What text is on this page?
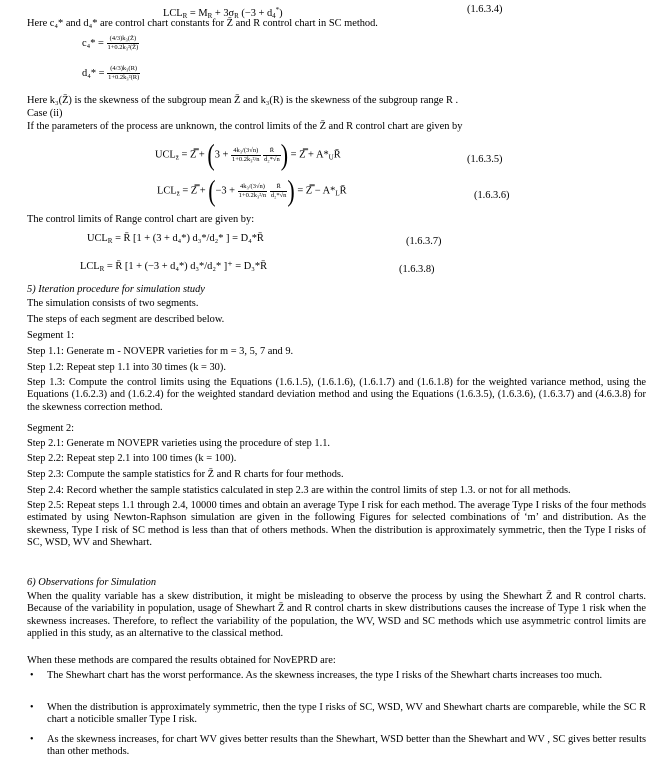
$LCL_R = M_R + 3\sigma_R$ $(-3 + d_4^*)$	(1.6.3.4)
Here c₄* and d₄* are control chart constants for Z̄ and R control chart in SC method.
$c_4* = \frac{\text{(4/3)k₃(Z̄)}}{\text{1+0.2k₃²(Z̄)}}$
$d_4* = \frac{\text{(4/3)k₃(R)}}{\text{1+0.2k₃²(R)}}$
Here k₃(Z̄) is the skewness of the subgroup mean Z̄ and k₃(R) is the skewness of the subgroup range R .
Case (ii)
If the parameters of the process are unknown, the control limits of the Z̄ and R control chart are given by
$UCL_{z̄}$ = Z̿ + ($3 + \frac{\text{4k₃/(3√n)}}{\text{1+0.2k₃²/n}}$
$\frac{R̄}{\text{d₂*√n}}$ ) = Z̿ + $A*_UR̄$	(1.6.3.5)
$LCL_{z̄}$ = Z̿ + ($-3 + \frac{\text{4k₃/(3√n)}}{\text{1+0.2k₃²/n}}$
$\frac{R̄}{\text{d₂*√n}}$ ) = Z̿ − $A*_LR̄$	(1.6.3.6)
The control limits of Range control chart are given by:
$UCL_R$ = R̄ [1 + (3 + d₄*) d₃*/d₂* ] = D₄*R̄	(1.6.3.7)
$LCL_R$ = R̄ [1 + (−3 + d₄*) d₃*/d₂* ]⁺ = D₃*R̄	(1.6.3.8)
5) Iteration procedure for simulation study
The simulation consists of two segments.
The steps of each segment are described below.
Segment 1:
Step 1.1: Generate m - NOVEPR varieties for m = 3, 5, 7 and 9.
Step 1.2: Repeat step 1.1 into 30 times (k = 30).
Step 1.3: Compute the control limits using the Equations (1.6.1.5), (1.6.1.6), (1.6.1.7) and (1.6.1.8) for the weighted variance method, using the Equations (1.6.2.3) and (1.6.2.4) for the weighted standard deviation method and using the Equations (1.6.3.5), (1.6.3.6), (1.6.3.7) and (4.6.3.8) for the skewness correction method.
Segment 2:
Step 2.1: Generate m NOVEPR varieties using the procedure of step 1.1.
Step 2.2: Repeat step 2.1 into 100 times (k = 100).
Step 2.3: Compute the sample statistics for Z̄ and R charts for four methods.
Step 2.4: Record whether the sample statistics calculated in step 2.3 are within the control limits of step 1.3. or not for all methods.
Step 2.5: Repeat steps 1.1 through 2.4, 10000 times and obtain an average Type I risk for each method. The average Type I risks of the four methods estimated by using Newton-Raphson simulation are given in the following Figures for selected combinations of ‘m’ and distribution. As the skewness, Type I risk of SC method is less than that of others methods. When the distribution is approximately symmetric, then the Type I risks of SC, WSD, WV and Shewhart.
6) Observations for Simulation
When the quality variable has a skew distribution, it might be misleading to observe the process by using the Shewhart Z̄ and R control charts. Because of the variability in population, usage of Shewhart Z̄ and R control charts in skew distributions causes the increase of Type 1 risk when the skewness increases. Therefore, to reflect the variability of the population, the WV, WSD and SC methods which use asymmetric control limits are applied in this study, as an alternative to the classical method.
When these methods are compared the results obtained for NovEPRD are:
• The Shewhart chart has the worst performance. As the skewness increases, the type I risks of the Shewhart charts increases too much.
• When the distribution is approximately symmetric, then the type I risks of SC, WSD, WV and Shewhart charts are compareble, while the SC R chart a noticible smaller Type I risk.
• As the skewness increases, for chart WV gives better results than the Shewhart, WSD better than the Shewhart and WV , SC gives better results than other methods.
